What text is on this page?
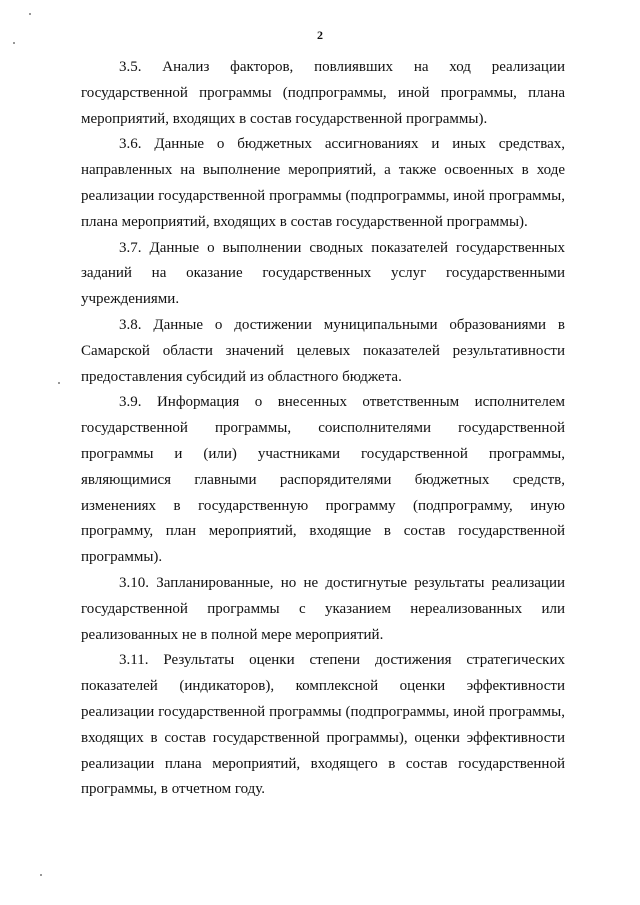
2

3.5. Анализ факторов, повлиявших на ход реализации государственной программы (подпрограммы, иной программы, плана мероприятий, входящих в состав государственной программы).

3.6. Данные о бюджетных ассигнованиях и иных средствах, направленных на выполнение мероприятий, а также освоенных в ходе реализации государственной программы (подпрограммы, иной программы, плана мероприятий, входящих в состав государственной программы).

3.7. Данные о выполнении сводных показателей государственных заданий на оказание государственных услуг государственными учреждениями.

3.8. Данные о достижении муниципальными образованиями в Самарской области значений целевых показателей результативности предоставления субсидий из областного бюджета.

3.9. Информация о внесенных ответственным исполнителем государственной программы, соисполнителями государственной программы и (или) участниками государственной программы, являющимися главными распорядителями бюджетных средств, изменениях в государственную программу (подпрограмму, иную программу, план мероприятий, входящие в состав государственной программы).

3.10. Запланированные, но не достигнутые результаты реализации государственной программы с указанием нереализованных или реализованных не в полной мере мероприятий.

3.11. Результаты оценки степени достижения стратегических показателей (индикаторов), комплексной оценки эффективности реализации государственной программы (подпрограммы, иной программы, входящих в состав государственной программы), оценки эффективности реализации плана мероприятий, входящего в состав государственной программы, в отчетном году.
